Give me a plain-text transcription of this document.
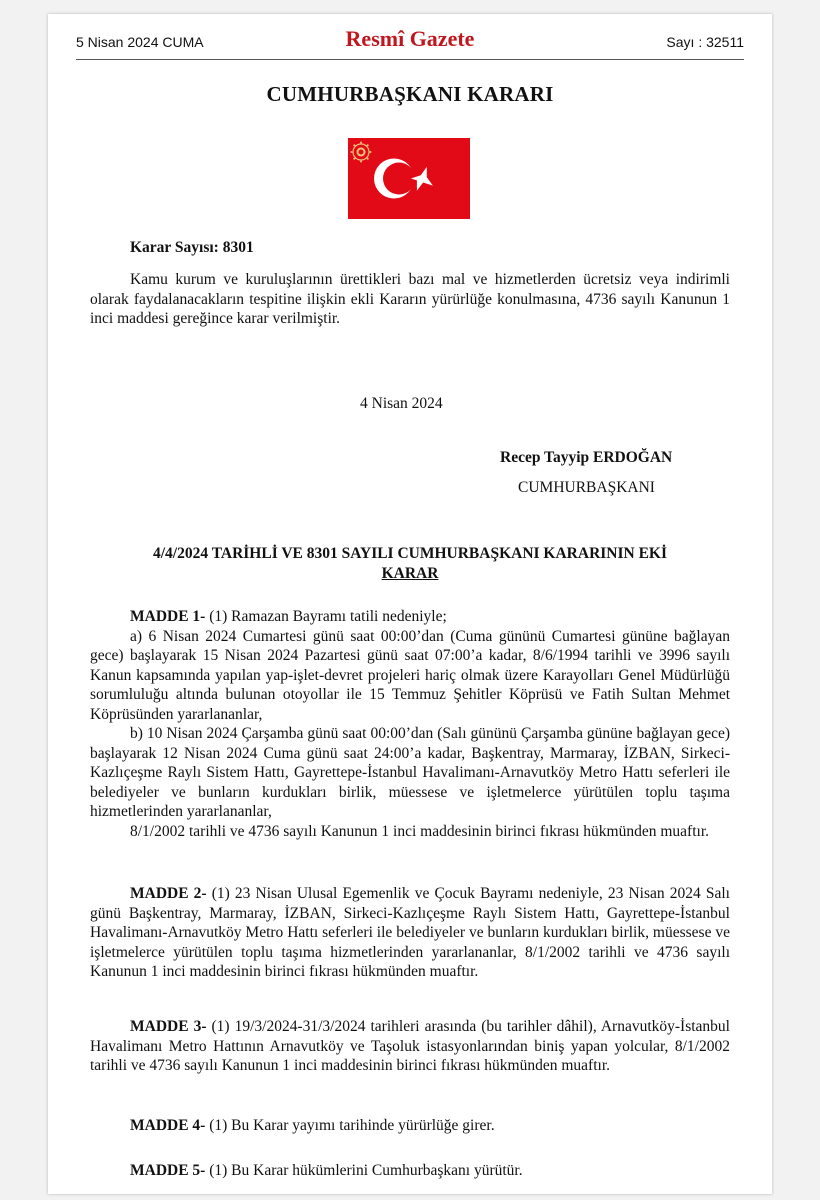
5 Nisan 2024 CUMA	Resmî Gazete	Sayı : 32511
CUMHURBAŞKANI KARARI
Karar Sayısı: 8301
Kamu kurum ve kuruluşlarının ürettikleri bazı mal ve hizmetlerden ücretsiz veya indirimli olarak faydalanacakların tespitine ilişkin ekli Kararın yürürlüğe konulmasına, 4736 sayılı Kanunun 1 inci maddesi gereğince karar verilmiştir.
4 Nisan 2024
Recep Tayyip ERDOĞAN
CUMHURBAŞKANI
4/4/2024 TARİHLİ VE 8301 SAYILI CUMHURBAŞKANI KARARININ EKİ
KARAR
MADDE 1- (1) Ramazan Bayramı tatili nedeniyle;
a) 6 Nisan 2024 Cumartesi günü saat 00:00’dan (Cuma gününü Cumartesi gününe bağlayan gece) başlayarak 15 Nisan 2024 Pazartesi günü saat 07:00’a kadar, 8/6/1994 tarihli ve 3996 sayılı Kanun kapsamında yapılan yap-işlet-devret projeleri hariç olmak üzere Karayolları Genel Müdürlüğü sorumluluğu altında bulunan otoyollar ile 15 Temmuz Şehitler Köprüsü ve Fatih Sultan Mehmet Köprüsünden yararlananlar,
b) 10 Nisan 2024 Çarşamba günü saat 00:00’dan (Salı gününü Çarşamba gününe bağlayan gece) başlayarak 12 Nisan 2024 Cuma günü saat 24:00’a kadar, Başkentray, Marmaray, İZBAN, Sirkeci-Kazlıçeşme Raylı Sistem Hattı, Gayrettepe-İstanbul Havalimanı-Arnavutköy Metro Hattı seferleri ile belediyeler ve bunların kurdukları birlik, müessese ve işletmelerce yürütülen toplu taşıma hizmetlerinden yararlananlar,
8/1/2002 tarihli ve 4736 sayılı Kanunun 1 inci maddesinin birinci fıkrası hükmünden muaftır.
MADDE 2- (1) 23 Nisan Ulusal Egemenlik ve Çocuk Bayramı nedeniyle, 23 Nisan 2024 Salı günü Başkentray, Marmaray, İZBAN, Sirkeci-Kazlıçeşme Raylı Sistem Hattı, Gayrettepe-İstanbul Havalimanı-Arnavutköy Metro Hattı seferleri ile belediyeler ve bunların kurdukları birlik, müessese ve işletmelerce yürütülen toplu taşıma hizmetlerinden yararlananlar, 8/1/2002 tarihli ve 4736 sayılı Kanunun 1 inci maddesinin birinci fıkrası hükmünden muaftır.
MADDE 3- (1) 19/3/2024-31/3/2024 tarihleri arasında (bu tarihler dâhil), Arnavutköy-İstanbul Havalimanı Metro Hattının Arnavutköy ve Taşoluk istasyonlarından biniş yapan yolcular, 8/1/2002 tarihli ve 4736 sayılı Kanunun 1 inci maddesinin birinci fıkrası hükmünden muaftır.
MADDE 4- (1) Bu Karar yayımı tarihinde yürürlüğe girer.
MADDE 5- (1) Bu Karar hükümlerini Cumhurbaşkanı yürütür.
